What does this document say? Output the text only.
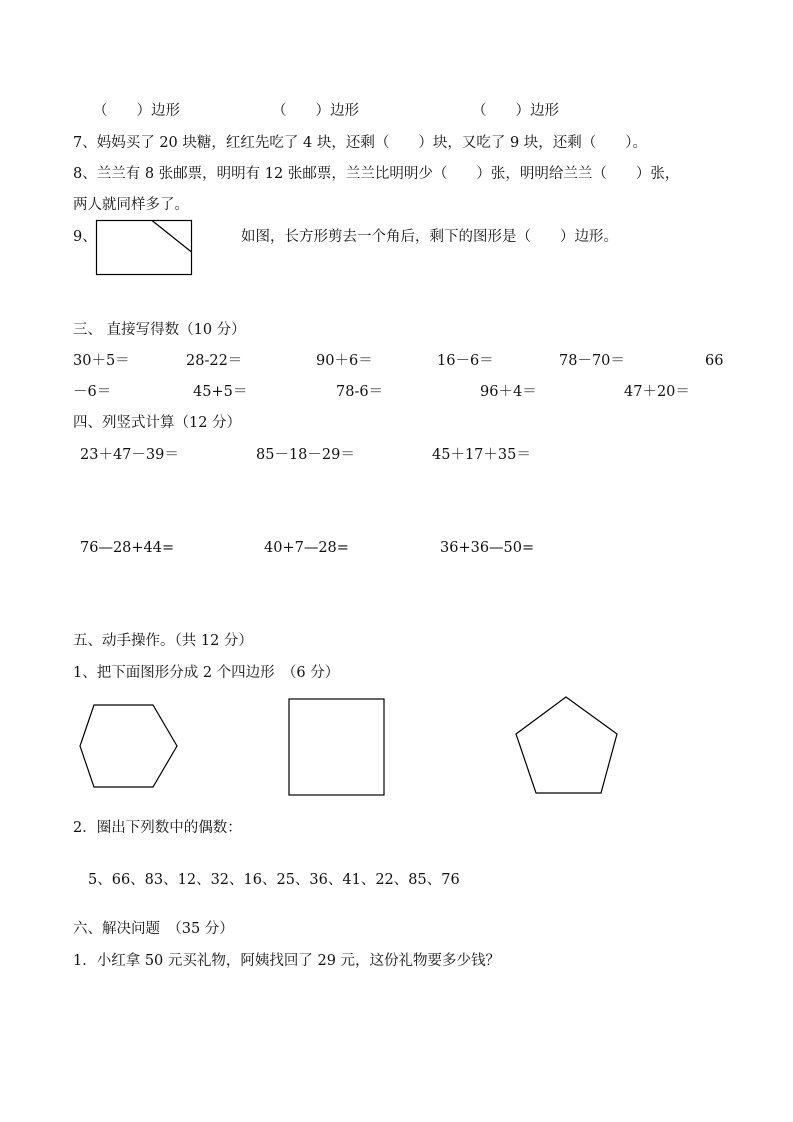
（　　）边形	（　　）边形	（　　）边形
7、妈妈买了 20 块糖，红红先吃了 4 块，还剩（　　）块，又吃了 9 块，还剩（　　）。
8、兰兰有 8 张邮票，明明有 12 张邮票，兰兰比明明少（　　）张，明明给兰兰（　　）张，
两人就同样多了。
9、	如图，长方形剪去一个角后，剩下的图形是（　　）边形。
三、 直接写得数（10 分）
30＋5＝	28-22＝	90＋6＝	16－6＝	78－70＝	66
－6＝	45+5＝	78-6＝	96＋4＝	47＋20＝
四、列竖式计算（12 分）
23＋47－39＝	85－18－29＝	45＋17＋35＝
76—28+44=	40+7—28=	36+36—50=
五、动手操作。（共 12 分）
1、把下面图形分成 2 个四边形　（6 分）
2．圈出下列数中的偶数：
5、66、83、12、32、16、25、36、41、22、85、76
六、解决问题　（35 分）
1．小红拿 50 元买礼物，阿姨找回了 29 元，这份礼物要多少钱？
